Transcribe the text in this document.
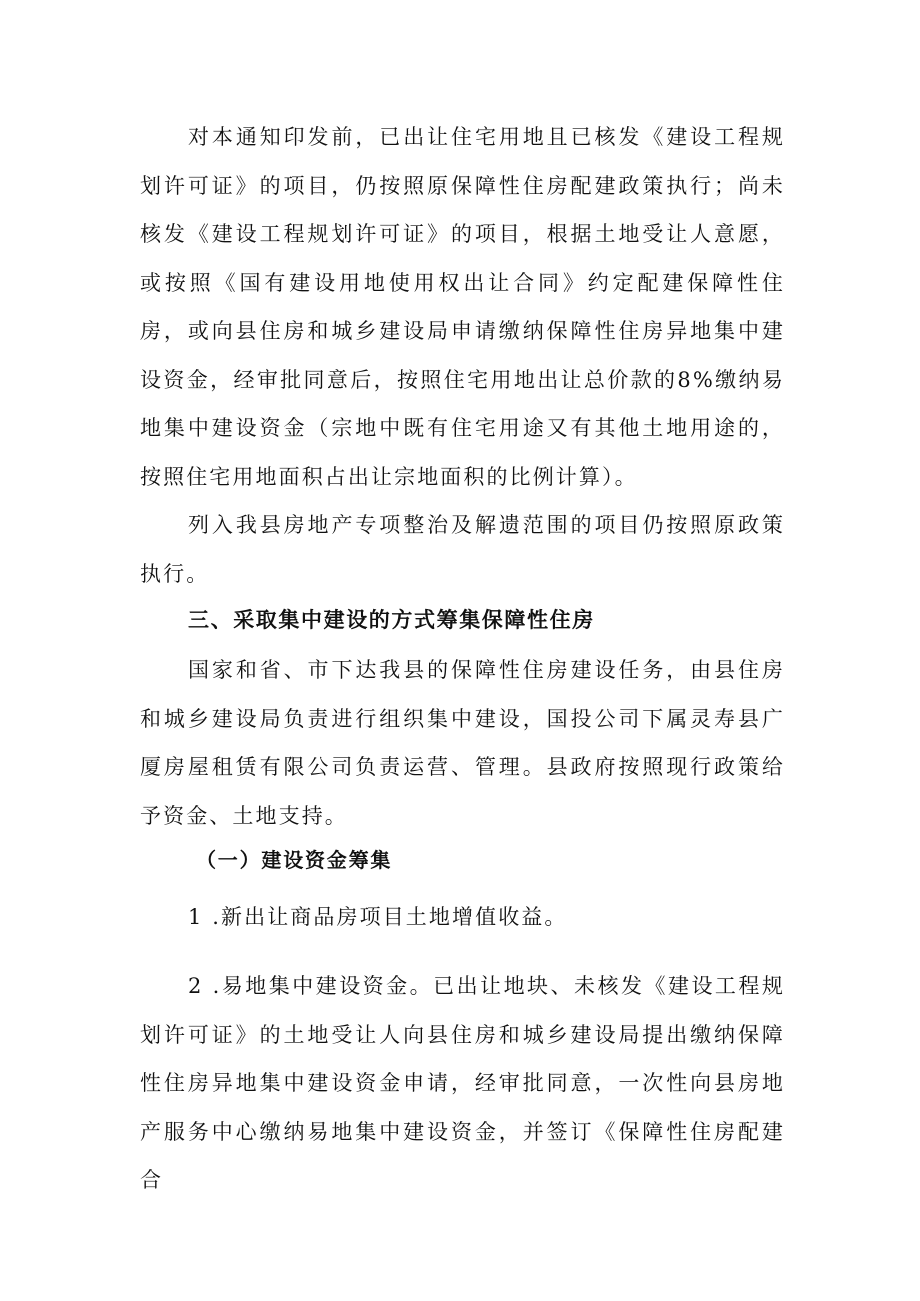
对本通知印发前，已出让住宅用地且已核发《建设工程规划许可证》的项目，仍按照原保障性住房配建政策执行；尚未核发《建设工程规划许可证》的项目，根据土地受让人意愿，或按照《国有建设用地使用权出让合同》约定配建保障性住房，或向县住房和城乡建设局申请缴纳保障性住房异地集中建设资金，经审批同意后，按照住宅用地出让总价款的8%缴纳易地集中建设资金（宗地中既有住宅用途又有其他土地用途的，按照住宅用地面积占出让宗地面积的比例计算）。

列入我县房地产专项整治及解遗范围的项目仍按照原政策执行。

三、采取集中建设的方式筹集保障性住房

国家和省、市下达我县的保障性住房建设任务，由县住房和城乡建设局负责进行组织集中建设，国投公司下属灵寿县广厦房屋租赁有限公司负责运营、管理。县政府按照现行政策给予资金、土地支持。

（一）建设资金筹集

1 .新出让商品房项目土地增值收益。

2 .易地集中建设资金。已出让地块、未核发《建设工程规划许可证》的土地受让人向县住房和城乡建设局提出缴纳保障性住房异地集中建设资金申请，经审批同意，一次性向县房地产服务中心缴纳易地集中建设资金，并签订《保障性住房配建合
